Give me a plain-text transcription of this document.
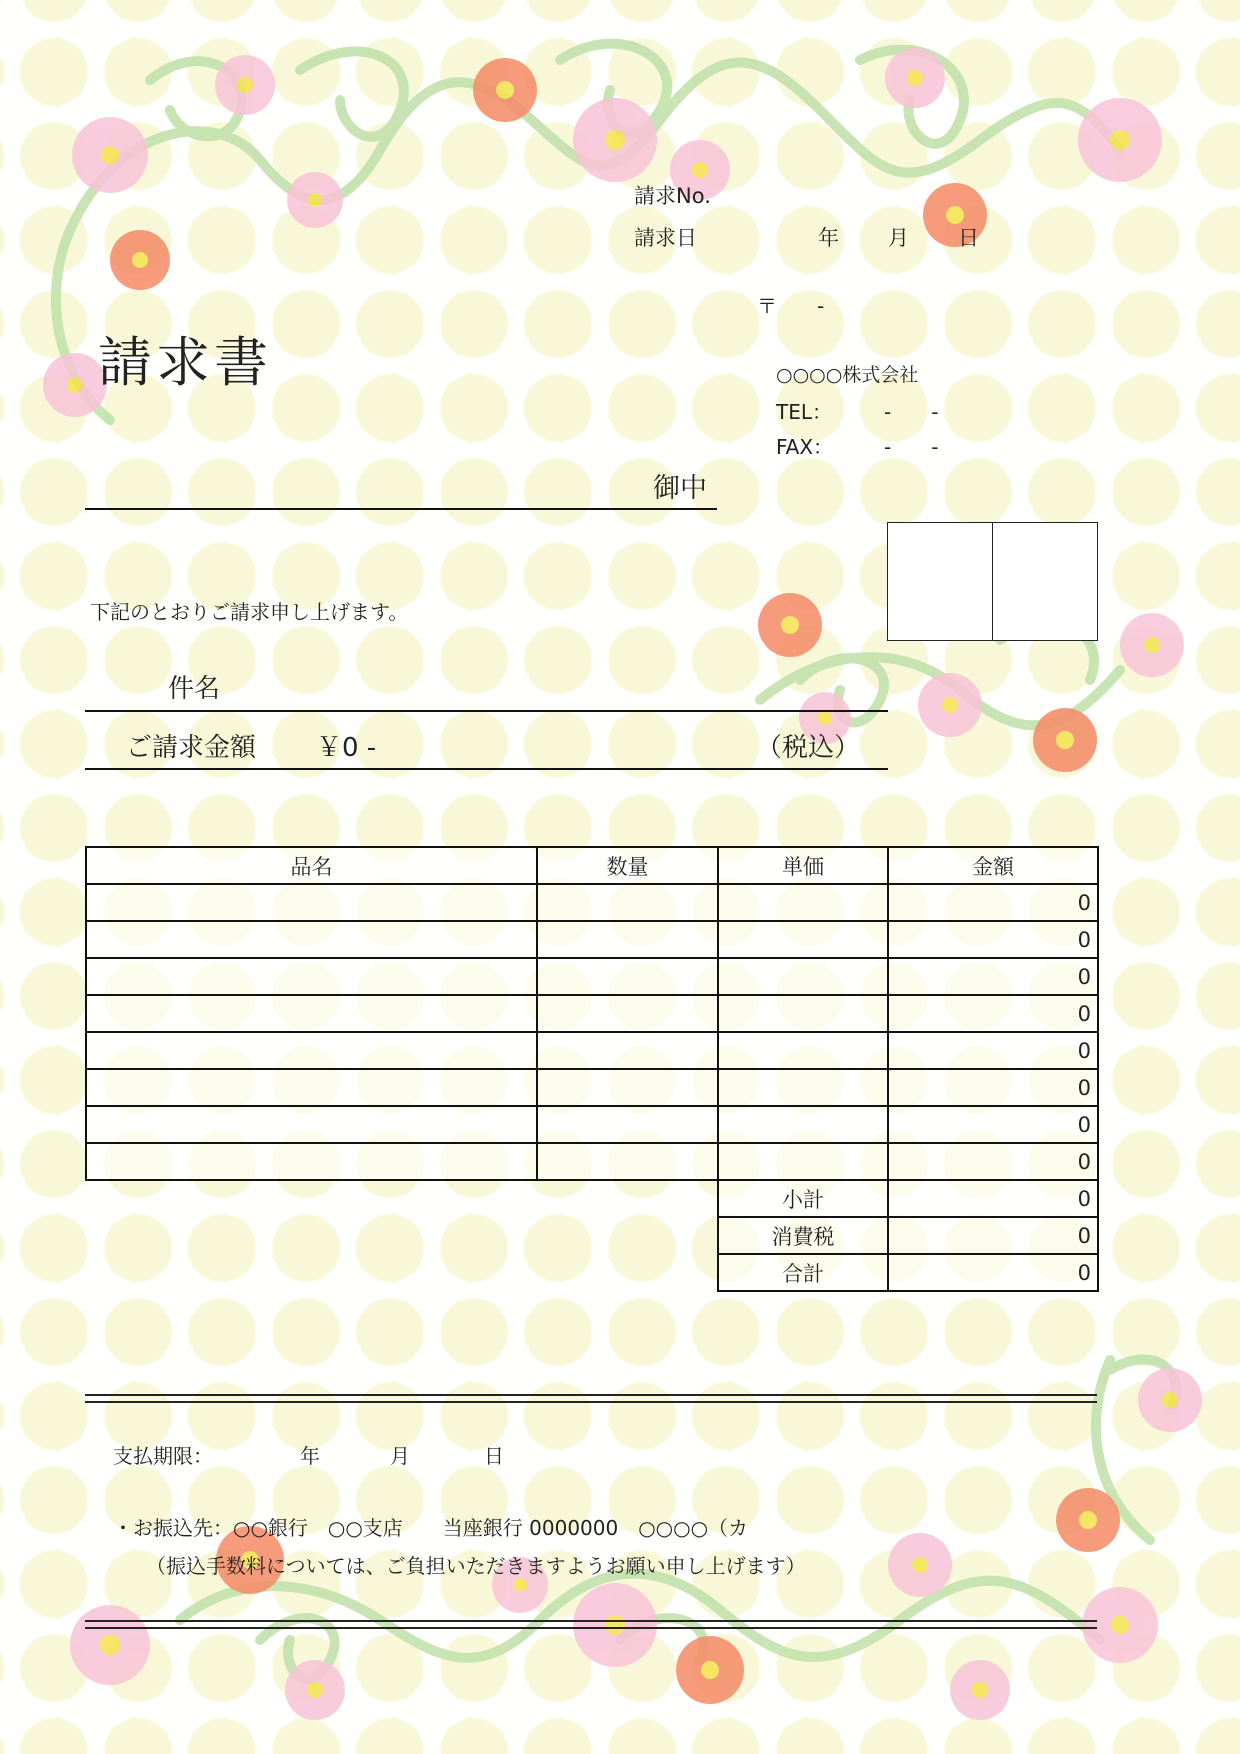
請求No.
請求日	年 月 日
請求書
〒　　-
○○○○株式会社
TEL：	-　　-
FAX：	-　　-
御中
下記のとおりご請求申し上げます。
件名
ご請求金額 ￥0 -	（税込）
品名	数量	単価	金額
			0
			0
			0
			0
			0
			0
			0
			0
		小計	0
		消費税	0
		合計	0
支払期限：	年	月	日
・お振込先：○○銀行　○○支店　　当座銀行 0000000　○○○○（カ
（振込手数料については、ご負担いただきますようお願い申し上げます）
